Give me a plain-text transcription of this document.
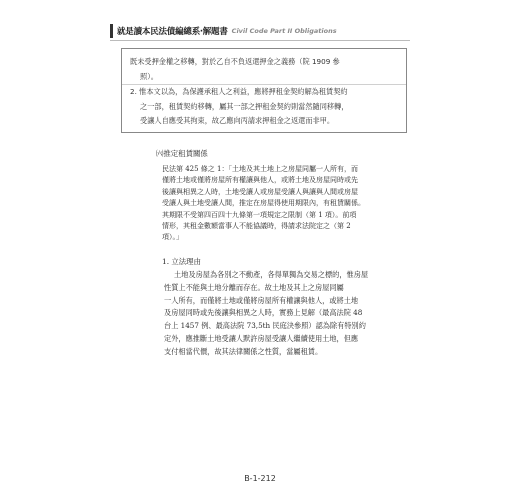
就是讀本民法債編總系‧解題書 Civil Code Part II Obligations
既未受押金權之移轉，對於乙自不負返還押金之義務（院 1909 參
照）。
2. 惟本文以為，為保護承租人之利益，應將押租金契約解為租賃契約
之一部，租賃契約移轉，屬其一部之押租金契約則當然隨同移轉，
受讓人自應受其拘束，故乙應向丙請求押租金之返還而非甲。
㈥推定租賃關係
民法第 425 條之 1：「土地及其土地上之房屋同屬一人所有，而
僅將土地或僅將房屋所有權讓與他人，或將土地及房屋同時或先
後讓與相異之人時，土地受讓人或房屋受讓人與讓與人間或房屋
受讓人與土地受讓人間，推定在房屋得使用期限內，有租賃關係。
其期限不受第四百四十九條第一項規定之限制（第 1 項）。前項
情形，其租金數額當事人不能協議時，得請求法院定之（第 2
項）。」
1. 立法理由
土地及房屋為各別之不動產，各得單獨為交易之標的，惟房屋
性質上不能與土地分離而存在。故土地及其上之房屋同屬
一人所有，而僅將土地或僅將房屋所有權讓與他人，或將土地
及房屋同時或先後讓與相異之人時，實務上見解（最高法院 48
台上 1457 例、最高法院 73,5th 民庭決參照）認為除有特別約
定外，應推斷土地受讓人默許房屋受讓人繼續使用土地，但應
支付相當代價，故其法律關係之性質，當屬租賃。
B-1-212
